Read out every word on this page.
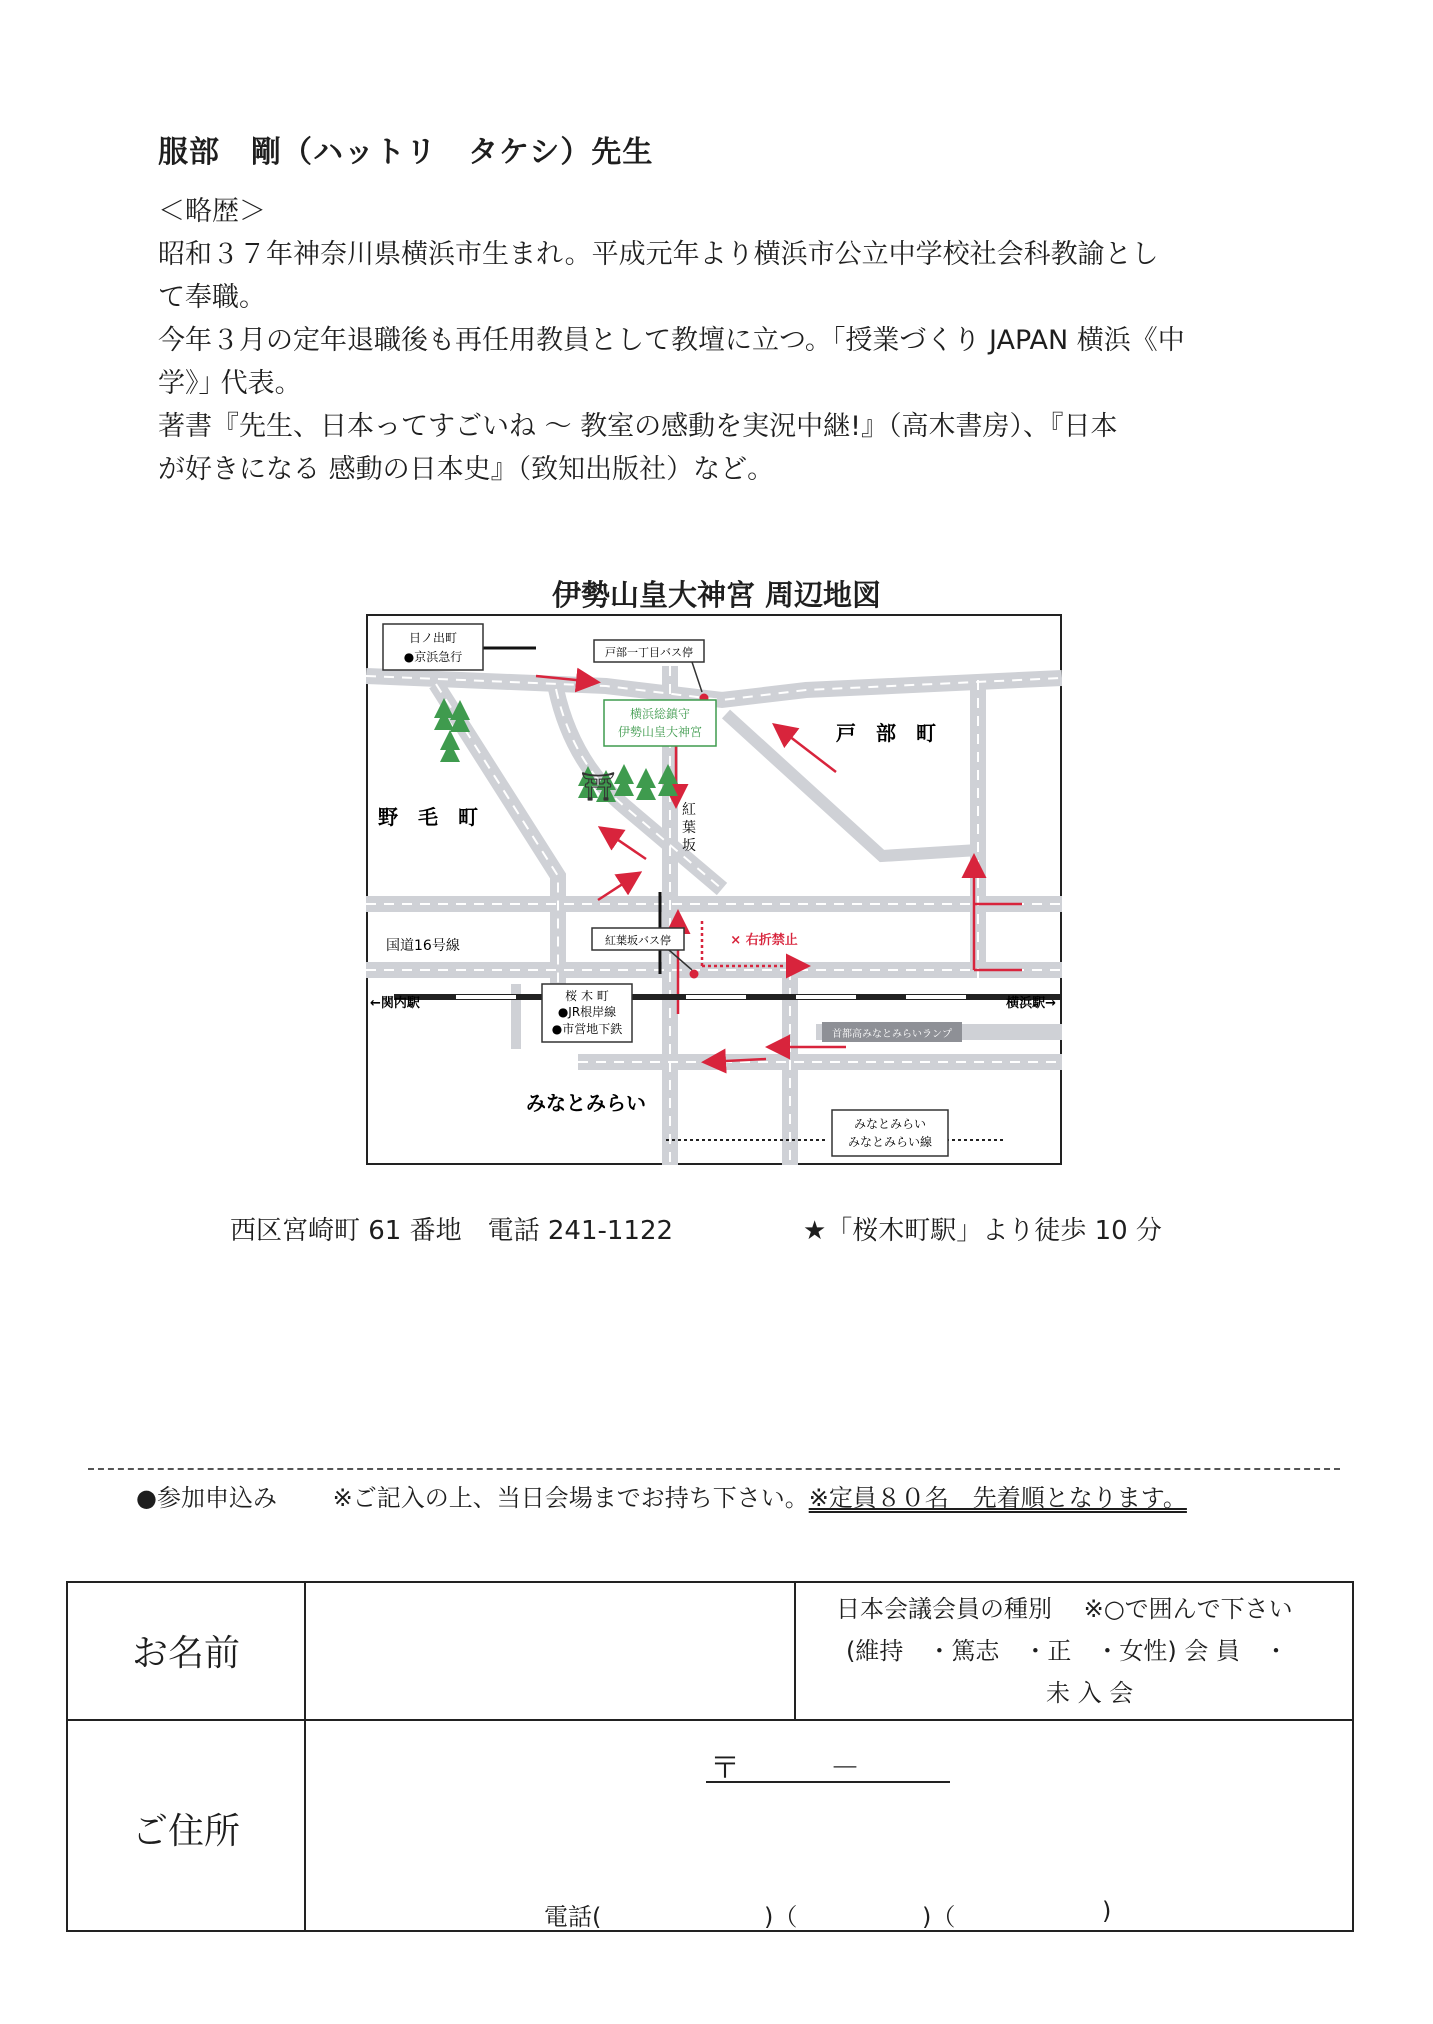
服部　剛（ハットリ　タケシ）先生
＜略歴＞
昭和３７年神奈川県横浜市生まれ。平成元年より横浜市公立中学校社会科教諭とし
て奉職。
今年３月の定年退職後も再任用教員として教壇に立つ。｢授業づくり JAPAN 横浜《中
学》｣ 代表。
著書『先生、日本ってすごいね ～ 教室の感動を実況中継!』（高木書房）、『日本
が好きになる 感動の日本史』（致知出版社）など。
伊勢山皇大神宮 周辺地図
日ノ出町
●京浜急行	戸部一丁目バス停
横浜総鎮守
伊勢山皇大神宮
⛩
戸　部　町
野　毛　町	紅
葉
坂
国道16号線	紅葉坂バス停	× 右折禁止
←関内駅	桜 木 町
●JR根岸線
●市営地下鉄
横浜駅→
首都高みなとみらいランプ
みなとみらい
みなとみらい
みなとみらい線
西区宮崎町 61 番地　電話 241-1122	★「桜木町駅」より徒歩 10 分
●参加申込み　　 ※ご記入の上、当日会場までお持ち下さい。※定員８０名　先着順となります。
お名前
日本会議会員の種別　 ※○で囲んで下さい
(維持　・篤志　・正　・女性) 会 員　・
未 入 会
ご住所
〒　　　－
電話(	)（	)（	)
